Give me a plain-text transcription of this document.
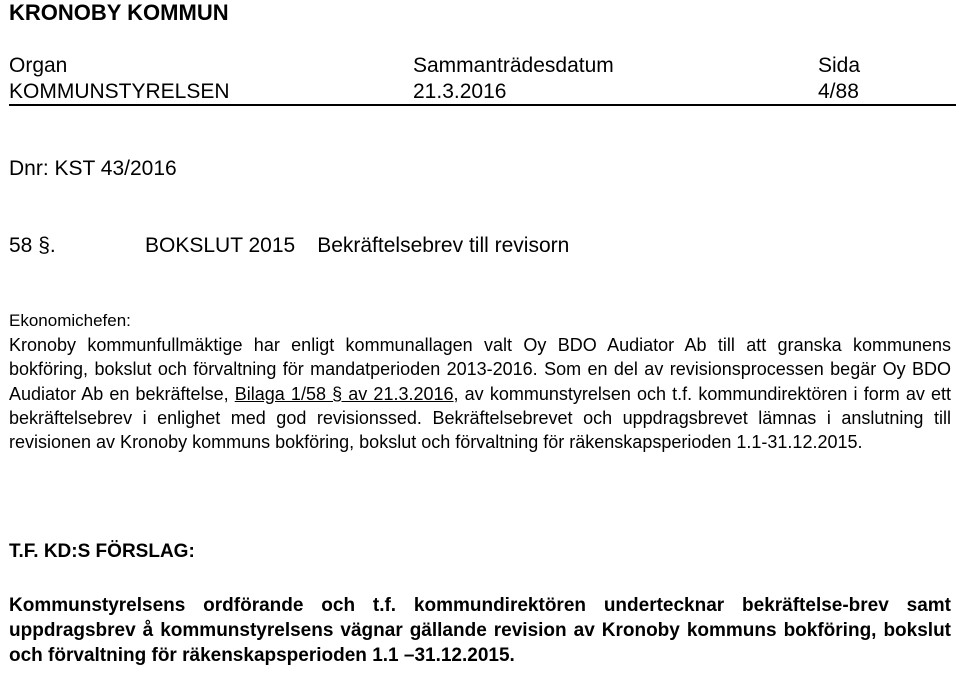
KRONOBY KOMMUN
Organ	Sammanträdesdatum	Sida
KOMMUNSTYRELSEN	21.3.2016	4/88
Dnr: KST 43/2016
58 §.	BOKSLUT 2015 Bekräftelsebrev till revisorn
Ekonomichefen:

Kronoby kommunfullmäktige har enligt kommunallagen valt Oy BDO Audiator Ab till att granska kommunens bokföring, bokslut och förvaltning för mandatperioden 2013-2016. Som en del av revisionsprocessen begär Oy BDO Audiator Ab en bekräftelse, Bilaga 1/58 § av 21.3.2016, av kommunstyrelsen och t.f. kommundirektören i form av ett bekräftelsebrev i enlighet med god revisionssed. Bekräftelsebrevet och uppdragsbrevet lämnas i anslutning till revisionen av Kronoby kommuns bokföring, bokslut och förvaltning för räkenskapsperioden 1.1-31.12.2015.

T.F. KD:S FÖRSLAG:

Kommunstyrelsens ordförande och t.f. kommundirektören undertecknar bekräftelse-brev samt uppdragsbrev å kommunstyrelsens vägnar gällande revision av Kronoby kommuns bokföring, bokslut och förvaltning för räkenskapsperioden 1.1 –31.12.2015.
